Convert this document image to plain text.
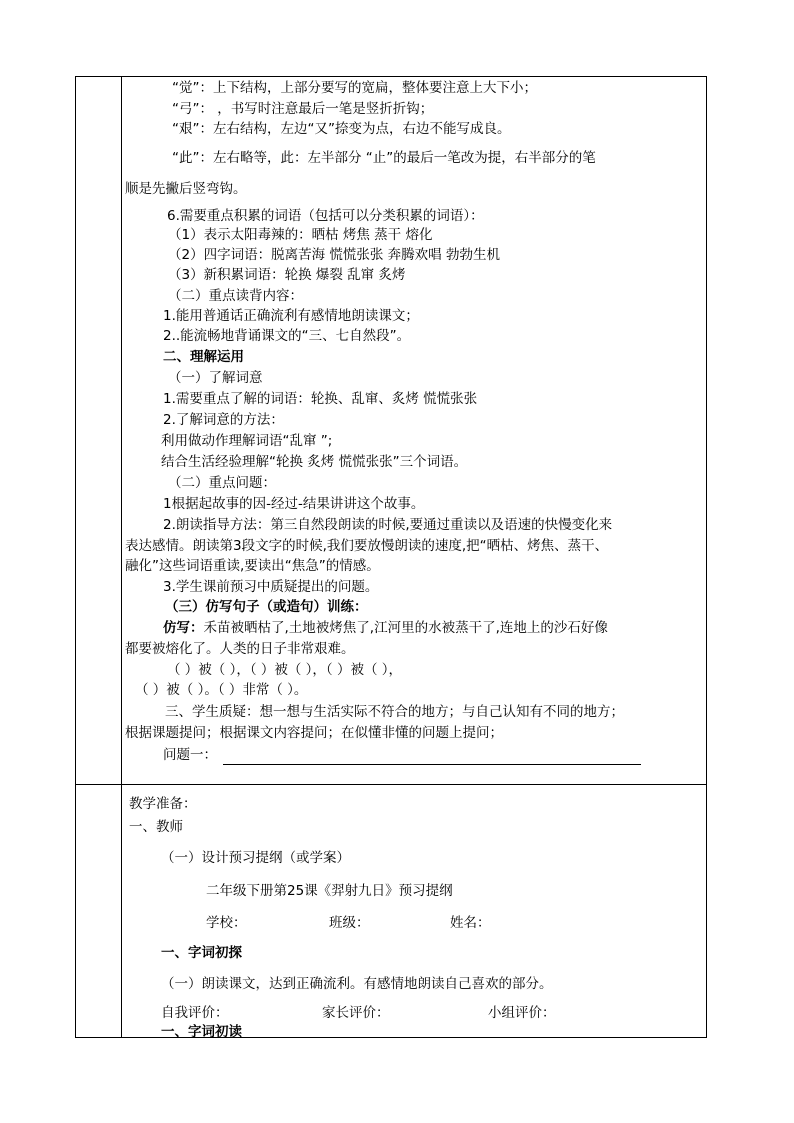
“觉”：上下结构，上部分要写的宽扁，整体要注意上大下小；
“弓”： ，书写时注意最后一笔是竖折折钩；
“艰”：左右结构，左边“又”捺变为点，右边不能写成良。
“此”：左右略等，此：左半部分 “止”的最后一笔改为提，右半部分的笔
顺是先撇后竖弯钩。
6.需要重点积累的词语（包括可以分类积累的词语）：
（1）表示太阳毒辣的：晒枯 烤焦 蒸干 熔化
（2）四字词语：脱离苦海 慌慌张张 奔腾欢唱 勃勃生机
（3）新积累词语：轮换 爆裂 乱窜 炙烤
（二）重点读背内容：
1.能用普通话正确流利有感情地朗读课文；
2..能流畅地背诵课文的“三、七自然段”。
二、理解运用
（一）了解词意
1.需要重点了解的词语：轮换、乱窜、炙烤 慌慌张张
2.了解词意的方法：
利用做动作理解词语“乱窜 ”;
结合生活经验理解“轮换 炙烤 慌慌张张”三个词语。
（二）重点问题：
1根据起故事的因-经过-结果讲讲这个故事。
2.朗读指导方法：第三自然段朗读的时候,要通过重读以及语速的快慢变化来
表达感情。朗读第3段文字的时候,我们要放慢朗读的速度,把“晒枯、烤焦、蒸干、
融化”这些词语重读,要读出“焦急”的情感。
3.学生课前预习中质疑提出的问题。
（三）仿写句子（或造句）训练：
仿写：禾苗被晒枯了,土地被烤焦了,江河里的水被蒸干了,连地上的沙石好像
都要被熔化了。人类的日子非常艰难。
（ ）被（ ），（ ）被（ ），（ ）被（ ），
（ ）被（ ）。（ ）非常（ ）。
三、学生质疑：想一想与生活实际不符合的地方；与自己认知有不同的地方；
根据课题提问；根据课文内容提问；在似懂非懂的问题上提问；
问题一：
教学准备：
一、教师
（一）设计预习提纲（或学案）
二年级下册第25课《羿射九日》预习提纲
学校：	班级：	姓名：
一、字词初探
（一）朗读课文，达到正确流利。有感情地朗读自己喜欢的部分。
自我评价：	家长评价：	小组评价：
一、字词初读
